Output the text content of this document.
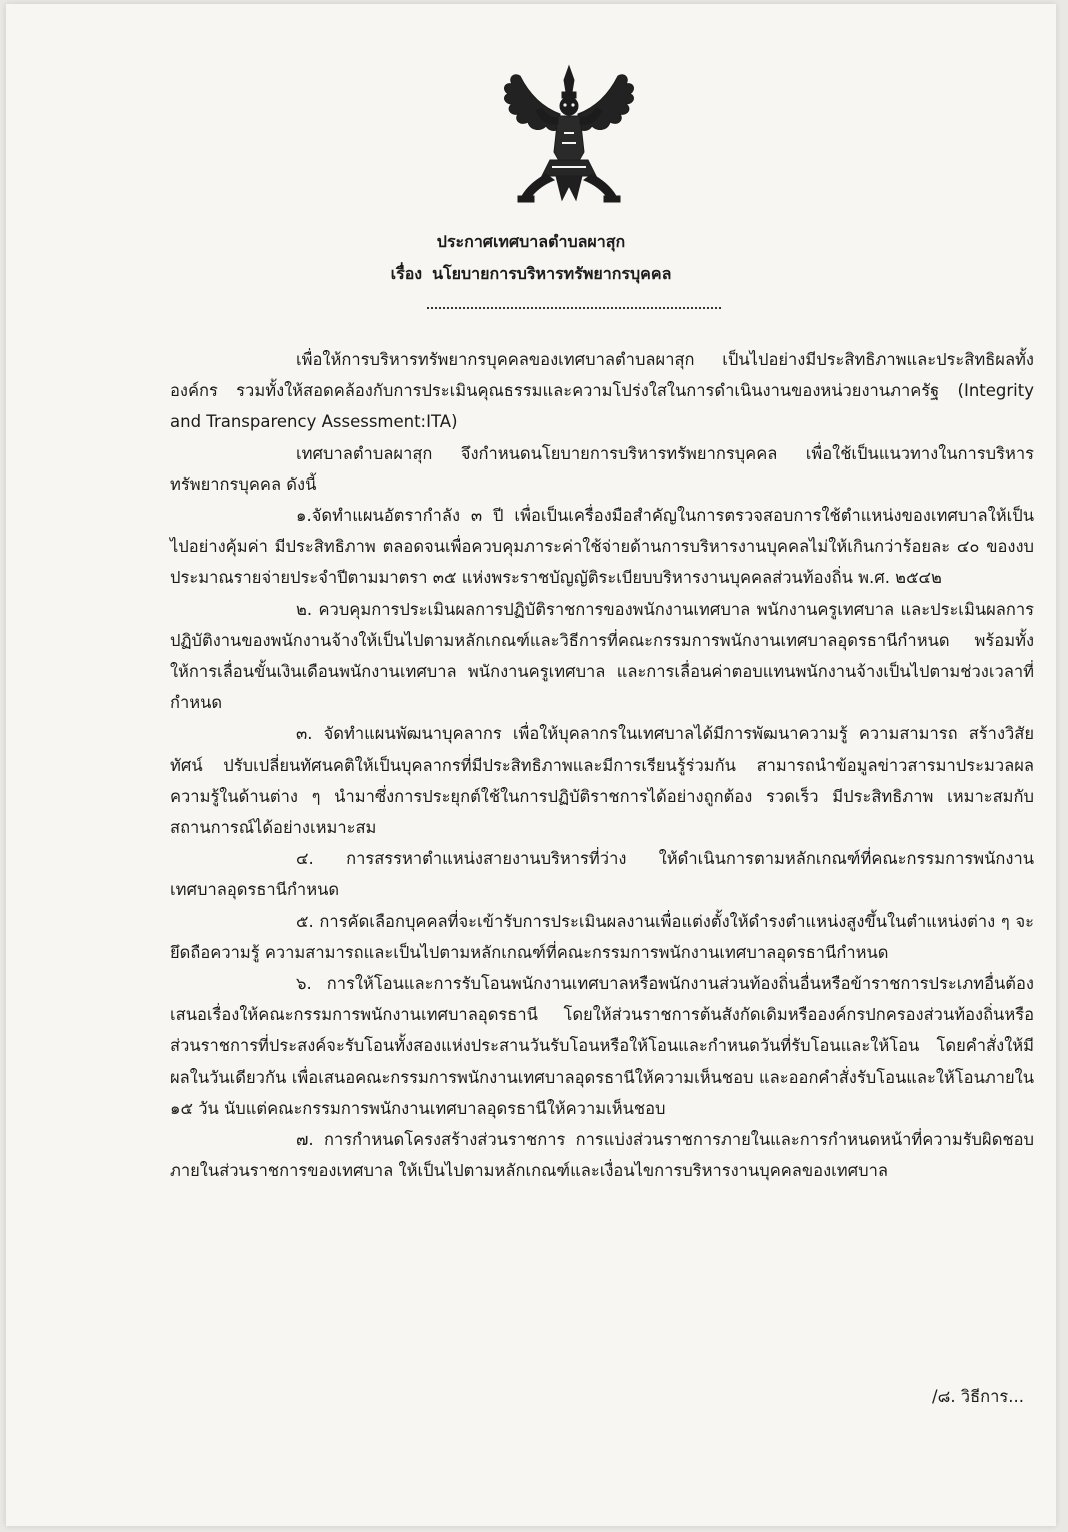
ประกาศเทศบาลตำบลผาสุก
เรื่อง นโยบายการบริหารทรัพยากรบุคคล

เพื่อให้การบริหารทรัพยากรบุคคลของเทศบาลตำบลผาสุก เป็นไปอย่างมีประสิทธิภาพและประสิทธิผลทั้งองค์กร รวมทั้งให้สอดคล้องกับการประเมินคุณธรรมและความโปร่งใสในการดำเนินงานของหน่วยงานภาครัฐ (Integrity and Transparency Assessment:ITA)

เทศบาลตำบลผาสุก จึงกำหนดนโยบายการบริหารทรัพยากรบุคคล เพื่อใช้เป็นแนวทางในการบริหารทรัพยากรบุคคล ดังนี้

๑.จัดทำแผนอัตรากำลัง ๓ ปี เพื่อเป็นเครื่องมือสำคัญในการตรวจสอบการใช้ตำแหน่งของเทศบาลให้เป็นไปอย่างคุ้มค่า มีประสิทธิภาพ ตลอดจนเพื่อควบคุมภาระค่าใช้จ่ายด้านการบริหารงานบุคคลไม่ให้เกินกว่าร้อยละ ๔๐ ของงบประมาณรายจ่ายประจำปีตามมาตรา ๓๕ แห่งพระราชบัญญัติระเบียบบริหารงานบุคคลส่วนท้องถิ่น พ.ศ. ๒๕๔๒

๒. ควบคุมการประเมินผลการปฏิบัติราชการของพนักงานเทศบาล พนักงานครูเทศบาล และประเมินผลการปฏิบัติงานของพนักงานจ้างให้เป็นไปตามหลักเกณฑ์และวิธีการที่คณะกรรมการพนักงานเทศบาลอุดรธานีกำหนด พร้อมทั้งให้การเลื่อนขั้นเงินเดือนพนักงานเทศบาล พนักงานครูเทศบาล และการเลื่อนค่าตอบแทนพนักงานจ้างเป็นไปตามช่วงเวลาที่กำหนด

๓. จัดทำแผนพัฒนาบุคลากร เพื่อให้บุคลากรในเทศบาลได้มีการพัฒนาความรู้ ความสามารถ สร้างวิสัยทัศน์ ปรับเปลี่ยนทัศนคติให้เป็นบุคลากรที่มีประสิทธิภาพและมีการเรียนรู้ร่วมกัน สามารถนำข้อมูลข่าวสารมาประมวลผลความรู้ในด้านต่าง ๆ นำมาซึ่งการประยุกต์ใช้ในการปฏิบัติราชการได้อย่างถูกต้อง รวดเร็ว มีประสิทธิภาพ เหมาะสมกับสถานการณ์ได้อย่างเหมาะสม

๔. การสรรหาตำแหน่งสายงานบริหารที่ว่าง ให้ดำเนินการตามหลักเกณฑ์ที่คณะกรรมการพนักงานเทศบาลอุดรธานีกำหนด

๕. การคัดเลือกบุคคลที่จะเข้ารับการประเมินผลงานเพื่อแต่งตั้งให้ดำรงตำแหน่งสูงขึ้นในตำแหน่งต่าง ๆ จะยึดถือความรู้ ความสามารถและเป็นไปตามหลักเกณฑ์ที่คณะกรรมการพนักงานเทศบาลอุดรธานีกำหนด

๖. การให้โอนและการรับโอนพนักงานเทศบาลหรือพนักงานส่วนท้องถิ่นอื่นหรือข้าราชการประเภทอื่นต้องเสนอเรื่องให้คณะกรรมการพนักงานเทศบาลอุดรธานี โดยให้ส่วนราชการต้นสังกัดเดิมหรือองค์กรปกครองส่วนท้องถิ่นหรือส่วนราชการที่ประสงค์จะรับโอนทั้งสองแห่งประสานวันรับโอนหรือให้โอนและกำหนดวันที่รับโอนและให้โอน โดยคำสั่งให้มีผลในวันเดียวกัน เพื่อเสนอคณะกรรมการพนักงานเทศบาลอุดรธานีให้ความเห็นชอบ และออกคำสั่งรับโอนและให้โอนภายใน ๑๕ วัน นับแต่คณะกรรมการพนักงานเทศบาลอุดรธานีให้ความเห็นชอบ

๗. การกำหนดโครงสร้างส่วนราชการ การแบ่งส่วนราชการภายในและการกำหนดหน้าที่ความรับผิดชอบภายในส่วนราชการของเทศบาล ให้เป็นไปตามหลักเกณฑ์และเงื่อนไขการบริหารงานบุคคลของเทศบาล

/๘. วิธีการ...
